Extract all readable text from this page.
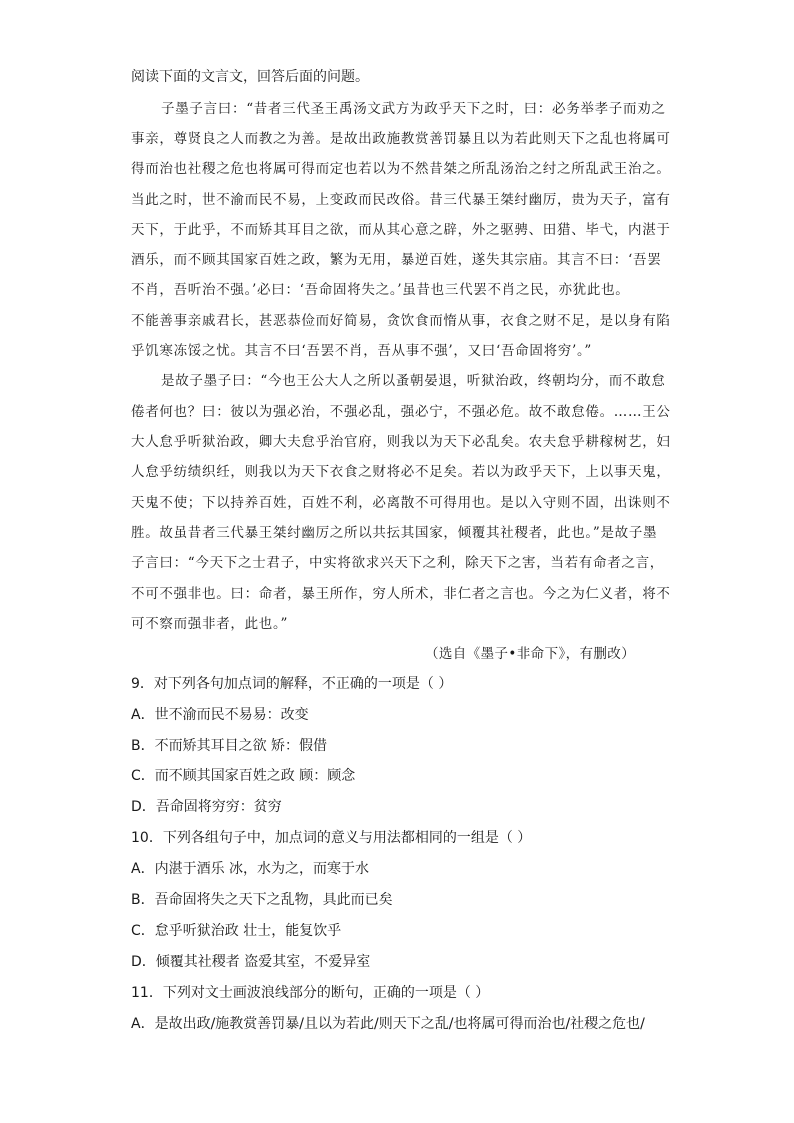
阅读下面的文言文，回答后面的问题。
子墨子言曰：“昔者三代圣王禹汤文武方为政乎天下之时，曰：必务举孝子而劝之
事亲，尊贤良之人而教之为善。是故出政施教赏善罚暴且以为若此则天下之乱也将属可
得而治也社稷之危也将属可得而定也若以为不然昔桀之所乱汤治之纣之所乱武王治之。
当此之时，世不渝而民不易，上变政而民改俗。昔三代暴王桀纣幽厉，贵为天子，富有
天下，于此乎，不而矫其耳目之欲，而从其心意之辟，外之驱骋、田猎、毕弋，内湛于
酒乐，而不顾其国家百姓之政，繁为无用，暴逆百姓，遂失其宗庙。其言不曰：‘吾罢
不肖，吾听治不强。’必曰：‘吾命固将失之。’虽昔也三代罢不肖之民，亦犹此也。
不能善事亲戚君长，甚恶恭俭而好简易，贪饮食而惰从事，衣食之财不足，是以身有陷
乎饥寒冻馁之忧。其言不曰‘吾罢不肖，吾从事不强’，又曰‘吾命固将穷’。”
是故子墨子曰：“今也王公大人之所以蚤朝晏退，听狱治政，终朝均分，而不敢怠
倦者何也？曰：彼以为强必治，不强必乱，强必宁，不强必危。故不敢怠倦。……王公
大人怠乎听狱治政，卿大夫怠乎治官府，则我以为天下必乱矣。农夫怠乎耕稼树艺，妇
人怠乎纺绩织纴，则我以为天下衣食之财将必不足矣。若以为政乎天下，上以事天鬼，
天鬼不使；下以持养百姓，百姓不利，必离散不可得用也。是以入守则不固，出诛则不
胜。故虽昔者三代暴王桀纣幽厉之所以共抎其国家，倾覆其社稷者，此也。”是故子墨
子言曰：“今天下之士君子，中实将欲求兴天下之利，除天下之害，当若有命者之言，
不可不强非也。曰：命者，暴王所作，穷人所术，非仁者之言也。今之为仁义者，将不
可不察而强非者，此也。”
（选自《墨子•非命下》，有删改）
9．对下列各句加点词的解释，不正确的一项是（ ）
A．世不渝而民不易易：改变
B．不而矫其耳目之欲 矫：假借
C．而不顾其国家百姓之政 顾：顾念
D．吾命固将穷穷：贫穷
10．下列各组句子中，加点词的意义与用法都相同的一组是（ ）
A．内湛于酒乐 冰，水为之，而寒于水
B．吾命固将失之天下之乱物，具此而已矣
C．怠乎听狱治政 壮士，能复饮乎
D．倾覆其社稷者 盗爱其室，不爱异室
11．下列对文士画波浪线部分的断句，正确的一项是（ ）
A．是故出政/施教赏善罚暴/且以为若此/则天下之乱/也将属可得而治也/社稷之危也/
